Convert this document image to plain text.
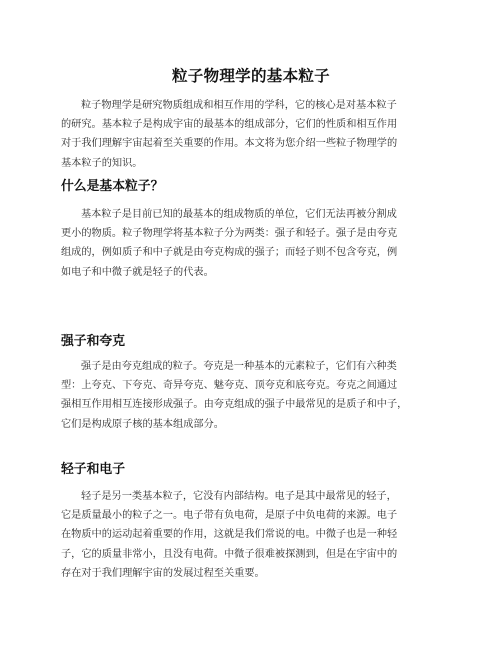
粒子物理学的基本粒子

粒子物理学是研究物质组成和相互作用的学科，它的核心是对基本粒子
的研究。基本粒子是构成宇宙的最基本的组成部分，它们的性质和相互作用
对于我们理解宇宙起着至关重要的作用。本文将为您介绍一些粒子物理学的
基本粒子的知识。

什么是基本粒子？

基本粒子是目前已知的最基本的组成物质的单位，它们无法再被分割成
更小的物质。粒子物理学将基本粒子分为两类：强子和轻子。强子是由夸克
组成的，例如质子和中子就是由夸克构成的强子；而轻子则不包含夸克，例
如电子和中微子就是轻子的代表。

强子和夸克

强子是由夸克组成的粒子。夸克是一种基本的元素粒子，它们有六种类
型：上夸克、下夸克、奇异夸克、魅夸克、顶夸克和底夸克。夸克之间通过
强相互作用相互连接形成强子。由夸克组成的强子中最常见的是质子和中子，
它们是构成原子核的基本组成部分。

轻子和电子

轻子是另一类基本粒子，它没有内部结构。电子是其中最常见的轻子，
它是质量最小的粒子之一。电子带有负电荷，是原子中负电荷的来源。电子
在物质中的运动起着重要的作用，这就是我们常说的电。中微子也是一种轻
子，它的质量非常小，且没有电荷。中微子很难被探测到，但是在宇宙中的
存在对于我们理解宇宙的发展过程至关重要。
